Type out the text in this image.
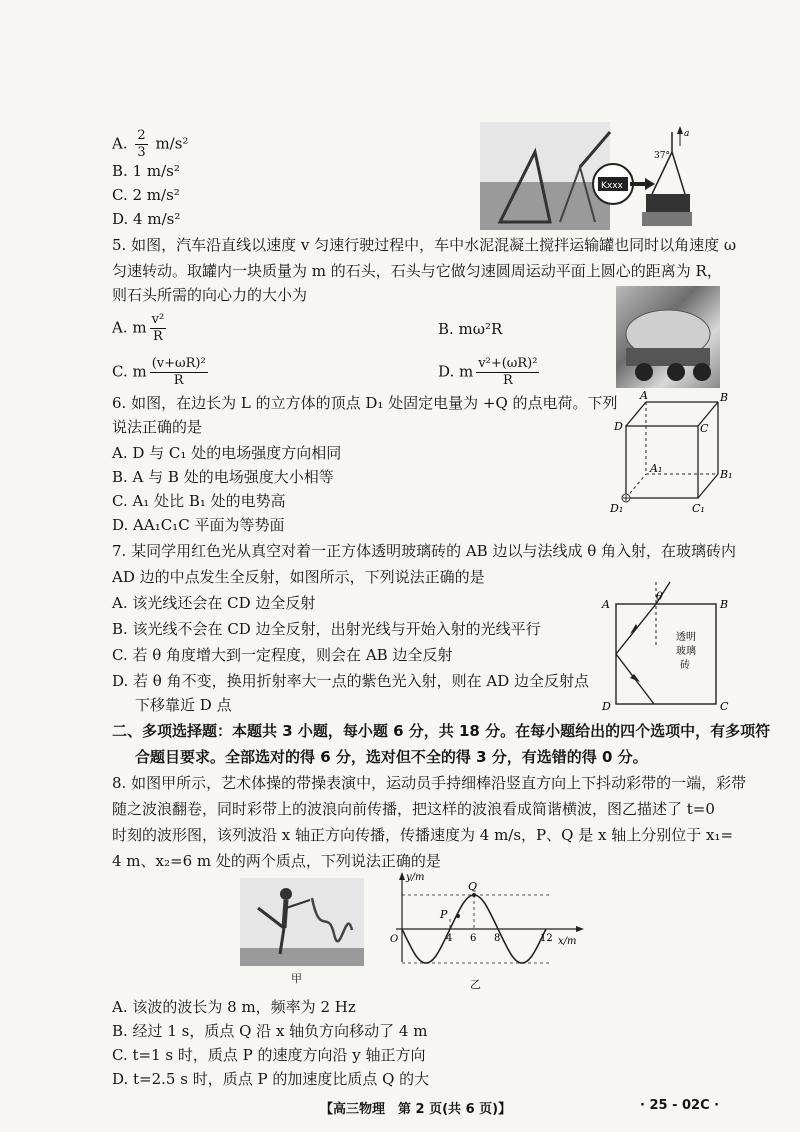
A. $\frac{2}{3} m/s^2$
B. 1 m/s²
C. 2 m/s²
D. 4 m/s²
Kxxx
a
37°
5. 如图，汽车沿直线以速度 v 匀速行驶过程中，车中水泥混凝土搅拌运输罐也同时以角速度 ω
匀速转动。取罐内一块质量为 m 的石头，石头与它做匀速圆周运动平面上圆心的距离为 R，
则石头所需的向心力的大小为
A. m $\frac{\text{v²}}{R}$	B. mω²R
C. m $\frac{\text{(v+ωR)²}}{R}$	D. m $\frac{\text{v²+(ωR)²}}{R}$
6. 如图，在边长为 L 的立方体的顶点 D₁ 处固定电量为 +Q 的点电荷。下列
说法正确的是
A. D 与 C₁ 处的电场强度方向相同
B. A 与 B 处的电场强度大小相等
C. A₁ 处比 B₁ 处的电势高
D. AA₁C₁C 平面为等势面
A	B
C
D
A₁	B₁
C₁
D₁
7. 某同学用红色光从真空对着一正方体透明玻璃砖的 AB 边以与法线成 θ 角入射，在玻璃砖内
AD 边的中点发生全反射，如图所示，下列说法正确的是
A. 该光线还会在 CD 边全反射
B. 该光线不会在 CD 边全反射，出射光线与开始入射的光线平行
C. 若 θ 角度增大到一定程度，则会在 AB 边全反射
D. 若 θ 角不变，换用折射率大一点的紫色光入射，则在 AD 边全反射点
下移靠近 D 点
θ
A	B
C
D
透明
玻璃
砖
二、多项选择题：本题共 3 小题，每小题 6 分，共 18 分。在每小题给出的四个选项中，有多项符
合题目要求。全部选对的得 6 分，选对但不全的得 3 分，有选错的得 0 分。
8. 如图甲所示，艺术体操的带操表演中，运动员手持细棒沿竖直方向上下抖动彩带的一端，彩带
随之波浪翻卷，同时彩带上的波浪向前传播，把这样的波浪看成简谐横波，图乙描述了 t=0
时刻的波形图，该列波沿 x 轴正方向传播，传播速度为 4 m/s，P、Q 是 x 轴上分别位于 x₁=
4 m、x₂=6 m 处的两个质点，下列说法正确的是
甲
y/m
x/m
O
Q
P
4 6 8	12
乙
A. 该波的波长为 8 m，频率为 2 Hz
B. 经过 1 s，质点 Q 沿 x 轴负方向移动了 4 m
C. t=1 s 时，质点 P 的速度方向沿 y 轴正方向
D. t=2.5 s 时，质点 P 的加速度比质点 Q 的大
【高三物理　第 2 页(共 6 页)】	· 25 - 02C ·
